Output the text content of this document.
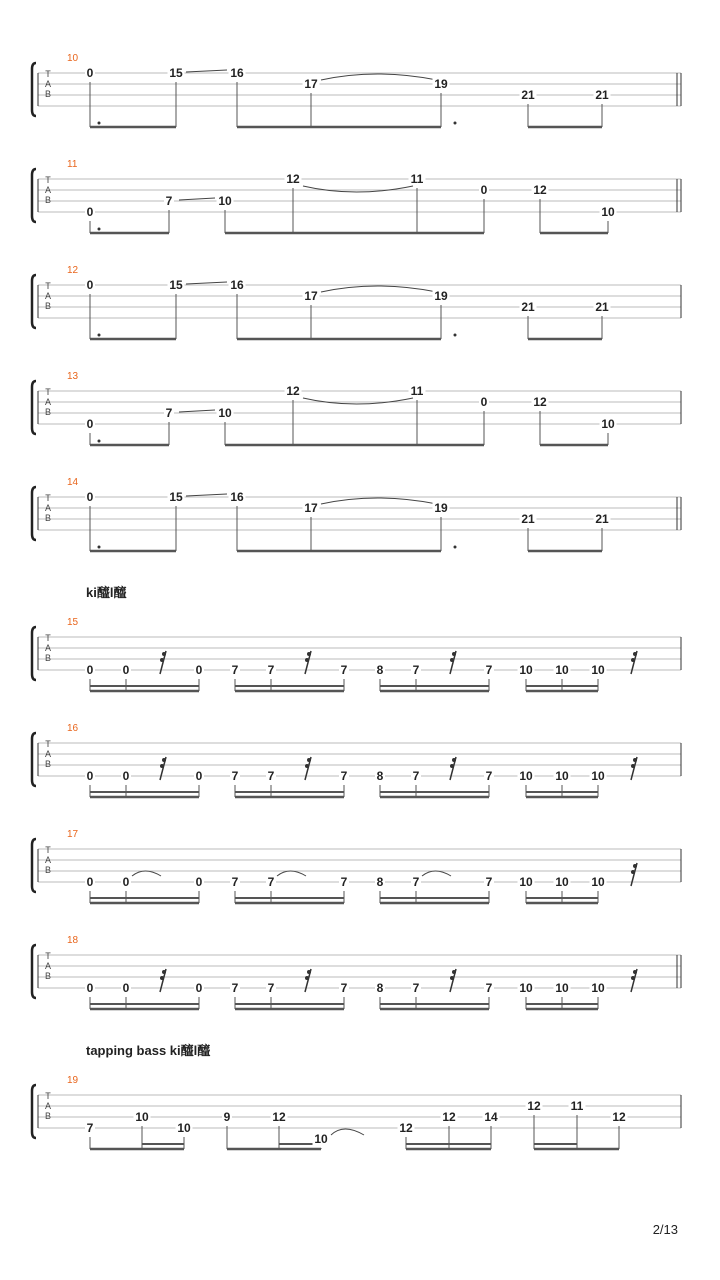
T
A
B
10
0	15	16
17	19
21	21
T
A
B
11
0
7	10
12	11
0	12
10
T
A
B
12
0	15	16
17	19
21	21
T
A
B
13
0
7	10
12	11
0	12
10
T
A
B
14
0	15	16
17	19
21	21
ki醯l醯
T
A
B
15
0 0	0 7 7	7 8 7	7 10 10 10
T
A
B
16
0 0	0 7 7	7 8 7	7 10 10 10
T
A
B
17
0 0	0 7 7	7 8 7	7 10 10 10
T
A
B
18
0 0	0 7 7	7 8 7	7 10 10 10
tapping bass ki醯l醯
T
A
B
19
7
10
10
9	12
10
12
12 14
12 11
12
2/13
